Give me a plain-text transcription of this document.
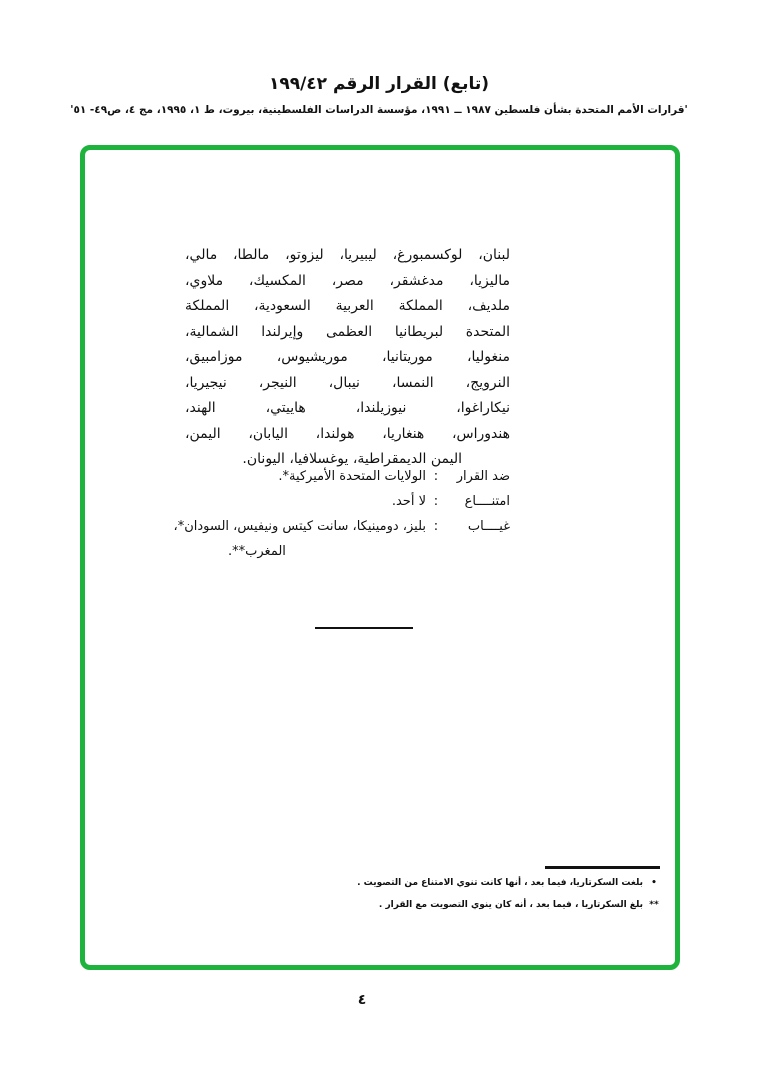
(تابع) القرار الرقم ١٩٩/٤٢
'قرارات الأمم المتحدة بشأن فلسطين ١٩٨٧ ــ ١٩٩١، مؤسسة الدراسات الفلسطينية، بيروت، ط ١، ١٩٩٥، مج ٤، ص٤٩- ٥١'
لبنان، لوكسمبورغ، ليبيريا، ليزوتو، مالطا، مالي،
ماليزيا، مدغشقر، مصر، المكسيك، ملاوي،
ملديف، المملكة العربية السعودية، المملكة
المتحدة لبريطانيا العظمى وإيرلندا الشمالية،
منغوليا، موريتانيا، موريشيوس، موزامبيق،
النرويج، النمسا، نيبال، النيجر، نيجيريا،
نيكاراغوا، نيوزيلندا، هاييتي، الهند،
هندوراس، هنغاريا، هولندا، اليابان، اليمن،
اليمن الديمقراطية، يوغسلافيا، اليونان.
ضد القرار
:
الولايات المتحدة الأميركية*.
امتنــــاع
:
لا أحد.
غيــــاب
:
بليز، دومينيكا، سانت كيتس ونيفيس، السودان*،
المغرب**.
•
بلغت السكرتاريا، فيما بعد ، أنها كانت تنوي الامتناع من التصويت .
**
بلغ السكرتاريا ، فيما بعد ، أنه كان ينوي التصويت مع القرار .
٤
